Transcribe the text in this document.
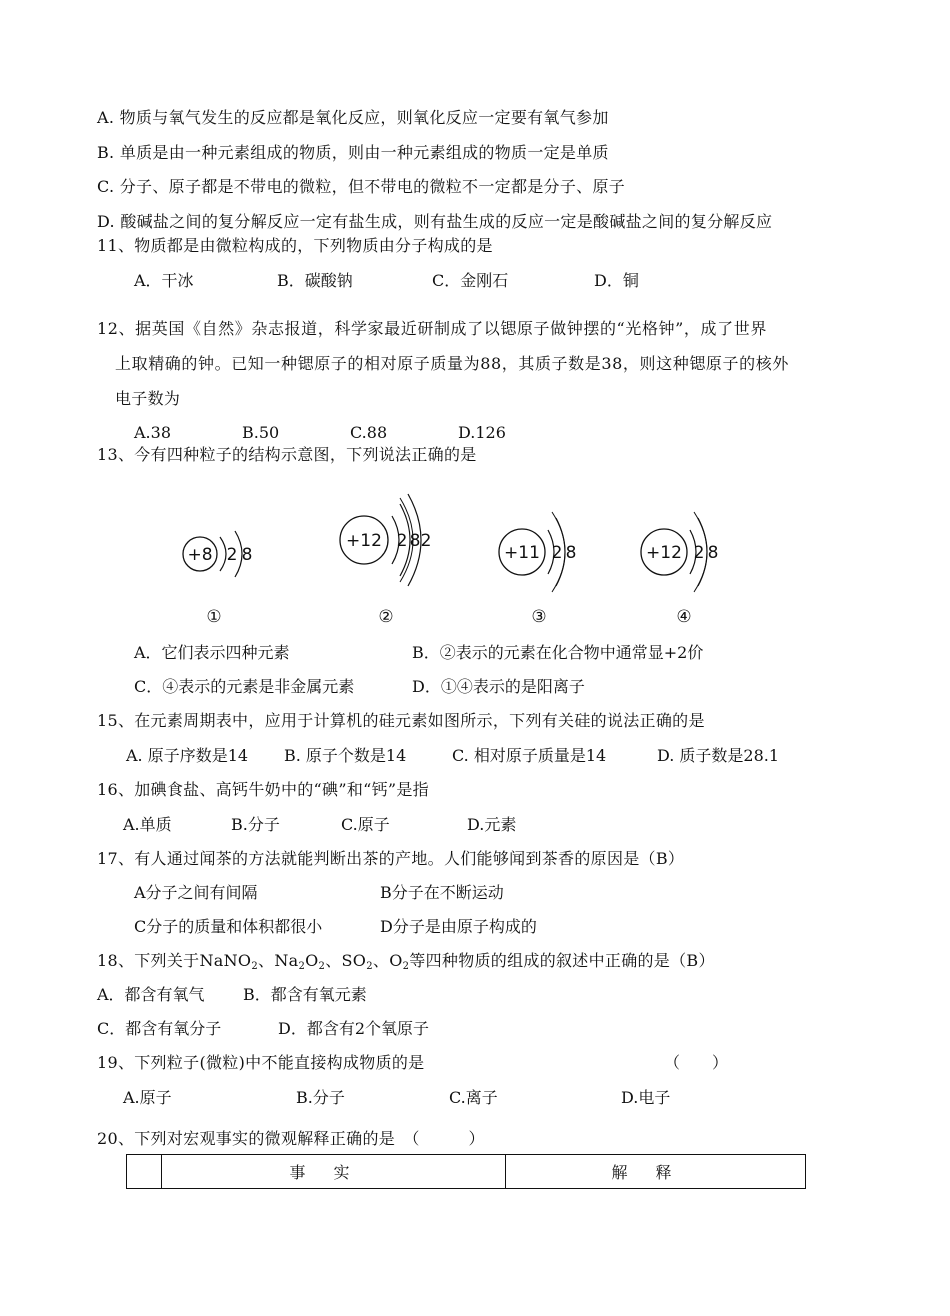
A. 物质与氧气发生的反应都是氧化反应，则氧化反应一定要有氧气参加
B. 单质是由一种元素组成的物质，则由一种元素组成的物质一定是单质
C. 分子、原子都是不带电的微粒，但不带电的微粒不一定都是分子、原子
D. 酸碱盐之间的复分解反应一定有盐生成，则有盐生成的反应一定是酸碱盐之间的复分解反应
11、物质都是由微粒构成的，下列物质由分子构成的是
A．干冰	B．碳酸钠	C．金刚石	D．铜
12、据英国《自然》杂志报道，科学家最近研制成了以锶原子做钟摆的“光格钟”，成了世界
上取精确的钟。已知一种锶原子的相对原子质量为88，其质子数是38，则这种锶原子的核外
电子数为
A.38	B.50	C.88	D.126
13、今有四种粒子的结构示意图，下列说法正确的是
+8 2 8
①
+12 2 8 2
②
+11 2 8
③
+12 2 8
④
A．它们表示四种元素	B．②表示的元素在化合物中通常显+2价
C．④表示的元素是非金属元素	D．①④表示的是阳离子
15、在元素周期表中，应用于计算机的硅元素如图所示，下列有关硅的说法正确的是
A. 原子序数是14 B. 原子个数是14	C. 相对原子质量是14	D. 质子数是28.1
16、加碘食盐、高钙牛奶中的“碘”和“钙”是指
A.单质	B.分子	C.原子	D.元素
17、有人通过闻茶的方法就能判断出茶的产地。人们能够闻到茶香的原因是（B）
A分子之间有间隔	B分子在不断运动
C分子的质量和体积都很小	D分子是由原子构成的
18、下列关于NaNO$_2$、$Na_2O_2$、$SO_2$、$O_2$等四种物质的组成的叙述中正确的是（B）
A．都含有氧气 B．都含有氧元素
C．都含有氧分子	D．都含有2个氧原子
19、下列粒子(微粒)中不能直接构成物质的是	（　　）
A.原子	B.分子	C.离子	D.电子
20、下列对宏观事实的微观解释正确的是　（　　　）
	事实	解释
